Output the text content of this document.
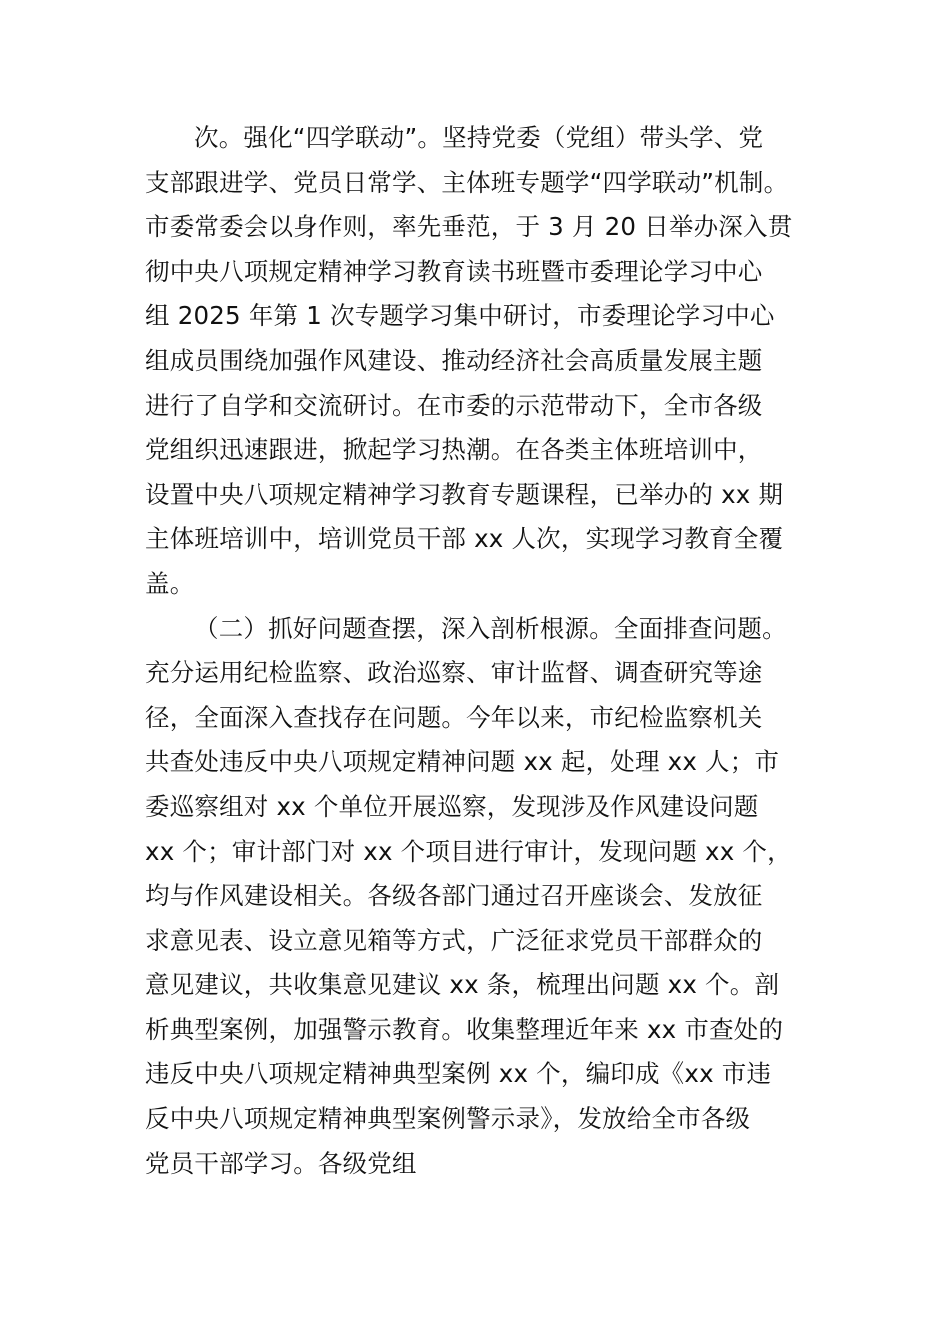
次。强化“四学联动”。坚持党委（党组）带头学、党
支部跟进学、党员日常学、主体班专题学“四学联动”机制。
市委常委会以身作则，率先垂范，于 3 月 20 日举办深入贯
彻中央八项规定精神学习教育读书班暨市委理论学习中心
组 2025 年第 1 次专题学习集中研讨，市委理论学习中心
组成员围绕加强作风建设、推动经济社会高质量发展主题
进行了自学和交流研讨。在市委的示范带动下，全市各级
党组织迅速跟进，掀起学习热潮。在各类主体班培训中，
设置中央八项规定精神学习教育专题课程，已举办的 xx 期
主体班培训中，培训党员干部 xx 人次，实现学习教育全覆
盖。
（二）抓好问题查摆，深入剖析根源。全面排查问题。
充分运用纪检监察、政治巡察、审计监督、调查研究等途
径，全面深入查找存在问题。今年以来，市纪检监察机关
共查处违反中央八项规定精神问题 xx 起，处理 xx 人；市
委巡察组对 xx 个单位开展巡察，发现涉及作风建设问题
xx 个；审计部门对 xx 个项目进行审计，发现问题 xx 个，
均与作风建设相关。各级各部门通过召开座谈会、发放征
求意见表、设立意见箱等方式，广泛征求党员干部群众的
意见建议，共收集意见建议 xx 条，梳理出问题 xx 个。剖
析典型案例，加强警示教育。收集整理近年来 xx 市查处的
违反中央八项规定精神典型案例 xx 个，编印成《xx 市违
反中央八项规定精神典型案例警示录》，发放给全市各级
党员干部学习。各级党组
